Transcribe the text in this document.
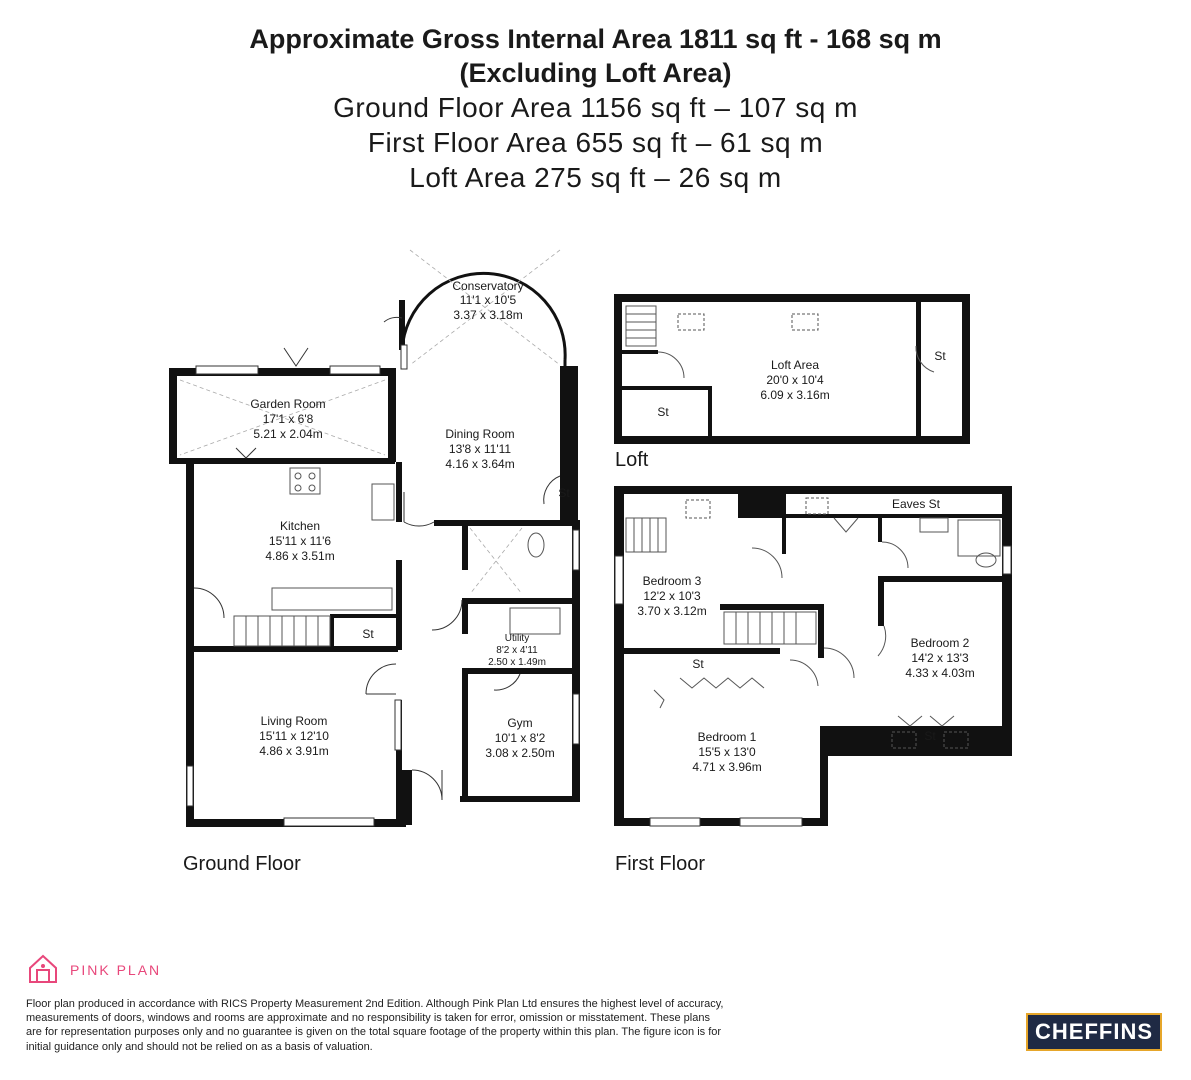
Approximate Gross Internal Area 1811 sq ft - 168 sq m
(Excluding Loft Area)
Ground Floor Area 1156 sq ft – 107 sq m
First Floor Area 655 sq ft – 61 sq m
Loft Area 275 sq ft – 26 sq m
Conservatory
11'1 x 10'5
3.37 x 3.18m
Garden Room
17'1 x 6'8
5.21 x 2.04m	Dining Room
13'8 x 11'11
4.16 x 3.64m
Kitchen
15'11 x 11'6
4.86 x 3.51m
Utility
8'2 x 4'11
2.50 x 1.49m
Living Room
15'11 x 12'10
4.86 x 3.91m
Gym
10'1 x 8'2
3.08 x 2.50m
Loft Area
20'0 x 10'4
6.09 x 3.16m
Bedroom 3
12'2 x 10'3
3.70 x 3.12m
Bedroom 2
14'2 x 13'3
4.33 x 4.03m
Bedroom 1
15'5 x 13'0
4.71 x 3.96m
St
St
St
St
St
St
Eaves St
Ground Floor	First Floor
Loft
PINK PLAN
Floor plan produced in accordance with RICS Property Measurement 2nd Edition. Although Pink Plan Ltd ensures the highest level of accuracy, measurements of doors, windows and rooms are approximate and no responsibility is taken for error, omission or misstatement. These plans are for representation purposes only and no guarantee is given on the total square footage of the property within this plan. The figure icon is for initial guidance only and should not be relied on as a basis of valuation.
CHEFFINS
